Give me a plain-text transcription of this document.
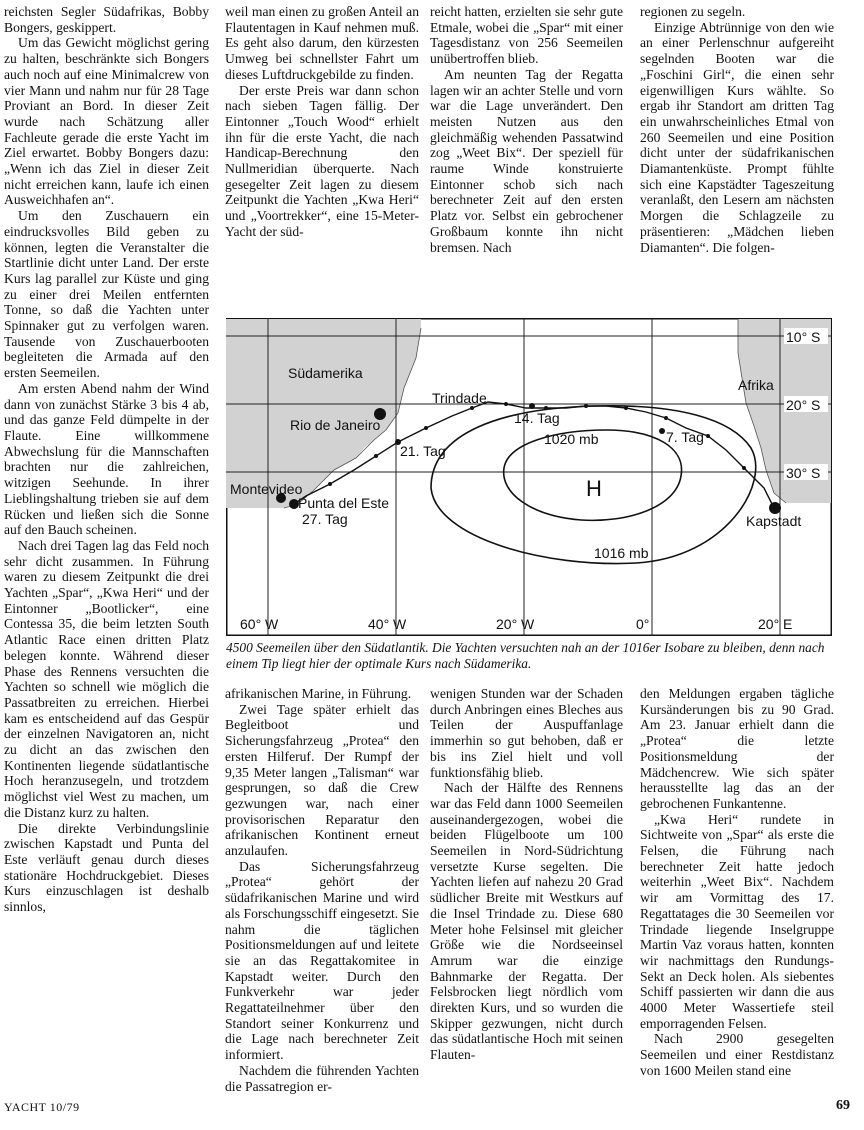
reichsten Segler Südafrikas, Bobby Bongers, geskippert.

Um das Gewicht möglichst gering zu halten, beschränkte sich Bongers auch noch auf eine Minimalcrew von vier Mann und nahm nur für 28 Tage Proviant an Bord. In dieser Zeit wurde nach Schätzung aller Fachleute gerade die erste Yacht im Ziel erwartet. Bobby Bongers dazu: „Wenn ich das Ziel in dieser Zeit nicht erreichen kann, laufe ich einen Ausweichhafen an“.

Um den Zuschauern ein eindrucksvolles Bild geben zu können, legten die Veranstalter die Startlinie dicht unter Land. Der erste Kurs lag parallel zur Küste und ging zu einer drei Meilen entfernten Tonne, so daß die Yachten unter Spinnaker gut zu verfolgen waren. Tausende von Zuschauerbooten begleiteten die Armada auf den ersten Seemeilen.

Am ersten Abend nahm der Wind dann von zunächst Stärke 3 bis 4 ab, und das ganze Feld dümpelte in der Flaute. Eine willkommene Abwechslung für die Mannschaften brachten nur die zahlreichen, witzigen Seehunde. In ihrer Lieblingshaltung trieben sie auf dem Rücken und ließen sich die Sonne auf den Bauch scheinen.

Nach drei Tagen lag das Feld noch sehr dicht zusammen. In Führung waren zu diesem Zeitpunkt die drei Yachten „Spar“, „Kwa Heri“ und der Eintonner „Bootlicker“, eine Contessa 35, die beim letzten South Atlantic Race einen dritten Platz belegen konnte. Während dieser Phase des Rennens versuchten die Yachten so schnell wie möglich die Passatbreiten zu erreichen. Hierbei kam es entscheidend auf das Gespür der einzelnen Navigatoren an, nicht zu dicht an das zwischen den Kontinenten liegende südatlantische Hoch heranzusegeln, und trotzdem möglichst viel West zu machen, um die Distanz kurz zu halten.

Die direkte Verbindungslinie zwischen Kapstadt und Punta del Este verläuft genau durch dieses stationäre Hochdruckgebiet. Dieses Kurs einzuschlagen ist deshalb sinnlos,

weil man einen zu großen Anteil an Flautentagen in Kauf nehmen muß. Es geht also darum, den kürzesten Umweg bei schnellster Fahrt um dieses Luftdruckgebilde zu finden.

Der erste Preis war dann schon nach sieben Tagen fällig. Der Eintonner „Touch Wood“ erhielt ihn für die erste Yacht, die nach Handicap-Berechnung den Nullmeridian überquerte. Nach gesegelter Zeit lagen zu diesem Zeitpunkt die Yachten „Kwa Heri“ und „Voortrekker“, eine 15-Meter-Yacht der süd-

reicht hatten, erzielten sie sehr gute Etmale, wobei die „Spar“ mit einer Tagesdistanz von 256 Seemeilen unübertroffen blieb.

Am neunten Tag der Regatta lagen wir an achter Stelle und vorn war die Lage unverändert. Den meisten Nutzen aus den gleichmäßig wehenden Passatwind zog „Weet Bix“. Der speziell für raume Winde konstruierte Eintonner schob sich nach berechneter Zeit auf den ersten Platz vor. Selbst ein gebrochener Großbaum konnte ihn nicht bremsen. Nach

regionen zu segeln.

Einzige Abtrünnige von den wie an einer Perlenschnur aufgereiht segelnden Booten war die „Foschini Girl“, die einen sehr eigenwilligen Kurs wählte. So ergab ihr Standort am dritten Tag ein unwahrscheinliches Etmal von 260 Seemeilen und eine Position dicht unter der südafrikanischen Diamantenküste. Prompt fühlte sich eine Kapstädter Tageszeitung veranlaßt, den Lesern am nächsten Morgen die Schlagzeile zu präsentieren: „Mädchen lieben Diamanten“. Die folgen-

10° S
20° S
30° S
60° W	40° W	20° W	0°	20° E
Südamerika
Afrika
Trindade
Rio de Janeiro
Montevideo
Punta del Este
Kapstadt
14. Tag
7. Tag
21. Tag
27. Tag
1020 mb
1016 mb
H
4500 Seemeilen über den Südatlantik. Die Yachten versuchten nah an der 1016er Isobare zu bleiben, denn nach einem Tip liegt hier der optimale Kurs nach Südamerika.

afrikanischen Marine, in Führung.

Zwei Tage später erhielt das Begleitboot und Sicherungsfahrzeug „Protea“ den ersten Hilferuf. Der Rumpf der 9,35 Meter langen „Talisman“ war gesprungen, so daß die Crew gezwungen war, nach einer provisorischen Reparatur den afrikanischen Kontinent erneut anzulaufen.

Das Sicherungsfahrzeug „Protea“ gehört der südafrikanischen Marine und wird als Forschungsschiff eingesetzt. Sie nahm die täglichen Positionsmeldungen auf und leitete sie an das Regattakomitee in Kapstadt weiter. Durch den Funkverkehr war jeder Regattateilnehmer über den Standort seiner Konkurrenz und die Lage nach berechneter Zeit informiert.

Nachdem die führenden Yachten die Passatregion er-

wenigen Stunden war der Schaden durch Anbringen eines Bleches aus Teilen der Auspuffanlage immerhin so gut behoben, daß er bis ins Ziel hielt und voll funktionsfähig blieb.

Nach der Hälfte des Rennens war das Feld dann 1000 Seemeilen auseinandergezogen, wobei die beiden Flügelboote um 100 Seemeilen in Nord-Südrichtung versetzte Kurse segelten. Die Yachten liefen auf nahezu 20 Grad südlicher Breite mit Westkurs auf die Insel Trindade zu. Diese 680 Meter hohe Felsinsel mit gleicher Größe wie die Nordseeinsel Amrum war die einzige Bahnmarke der Regatta. Der Felsbrocken liegt nördlich vom direkten Kurs, und so wurden die Skipper gezwungen, nicht durch das südatlantische Hoch mit seinen Flauten-

den Meldungen ergaben tägliche Kursänderungen bis zu 90 Grad. Am 23. Januar erhielt dann die „Protea“ die letzte Positionsmeldung der Mädchencrew. Wie sich später herausstellte lag das an der gebrochenen Funkantenne.

„Kwa Heri“ rundete in Sichtweite von „Spar“ als erste die Felsen, die Führung nach berechneter Zeit hatte jedoch weiterhin „Weet Bix“. Nachdem wir am Vormittag des 17. Regattatages die 30 Seemeilen vor Trindade liegende Inselgruppe Martin Vaz voraus hatten, konnten wir nachmittags den Rundungs-Sekt an Deck holen. Als siebentes Schiff passierten wir dann die aus 4000 Meter Wassertiefe steil emporragenden Felsen.

Nach 2900 gesegelten Seemeilen und einer Restdistanz von 1600 Meilen stand eine

YACHT 10/79	69
